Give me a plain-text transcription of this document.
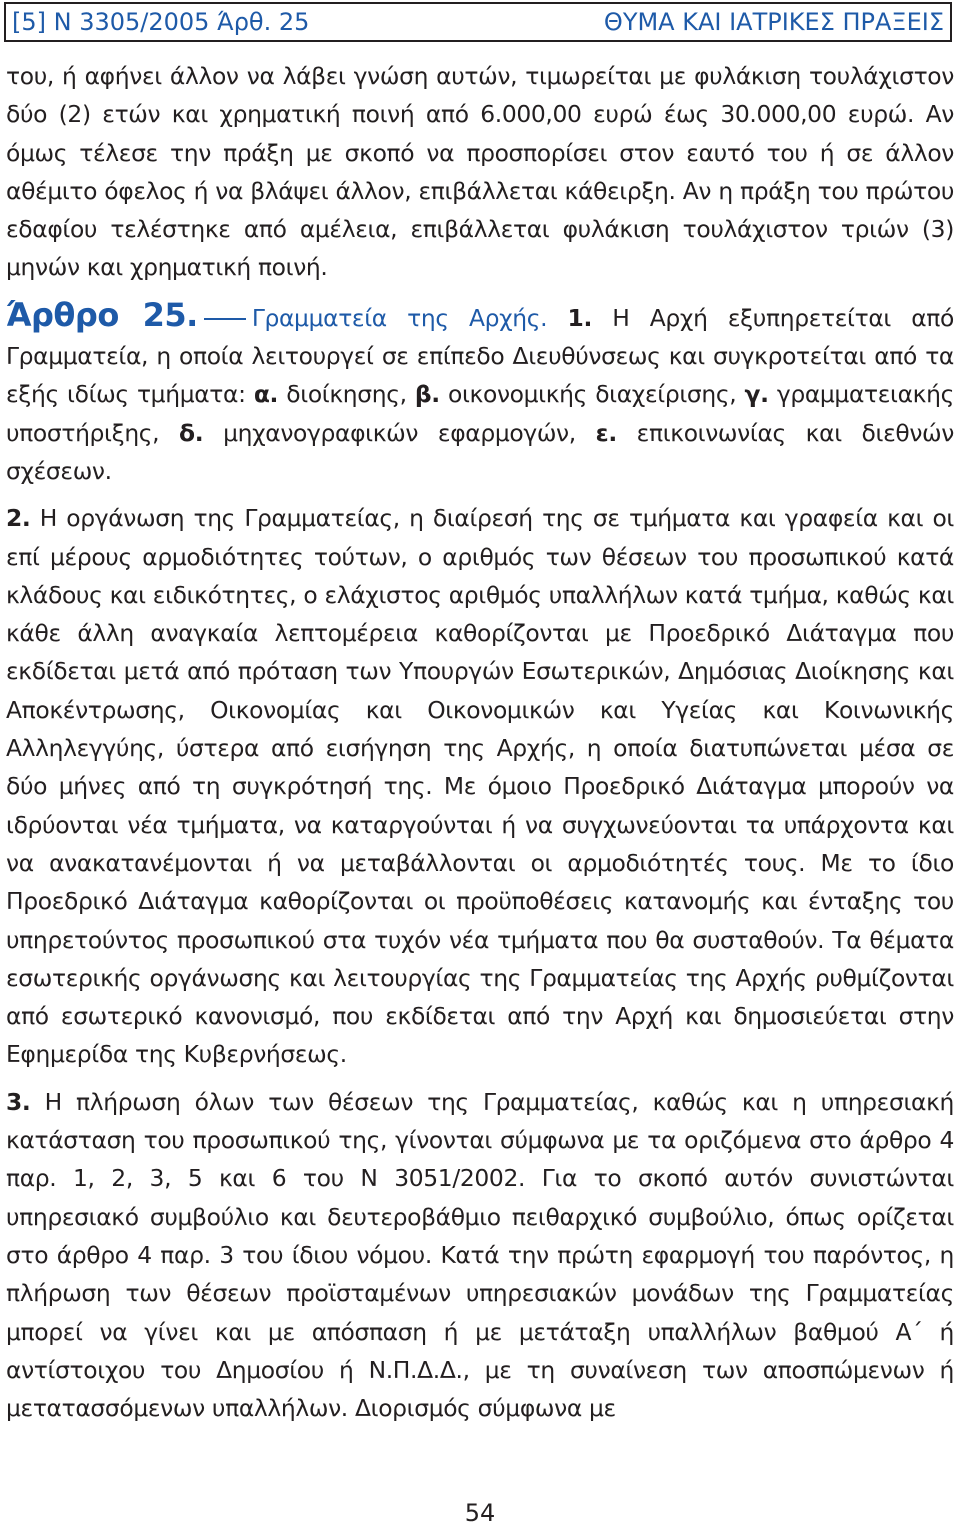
[5] Ν 3305/2005 Άρθ. 25	ΘΥΜΑ ΚΑΙ ΙΑΤΡΙΚΕΣ ΠΡΑΞΕΙΣ

του, ή αφήνει άλλον να λάβει γνώση αυτών, τιμωρείται με φυλάκιση τουλάχιστον δύο (2) ετών και χρηματική ποινή από 6.000,00 ευρώ έως 30.000,00 ευρώ. Αν όμως τέλεσε την πράξη με σκοπό να προσπορίσει στον εαυτό του ή σε άλλον αθέμιτο όφελος ή να βλάψει άλλον, επιβάλλεται κάθειρξη. Αν η πράξη του πρώτου εδαφίου τελέστηκε από αμέλεια, επιβάλλεται φυλάκιση τουλάχιστον τριών (3) μηνών και χρηματική ποινή.

Άρθρο 25. Γραμματεία της Αρχής. 1. Η Αρχή εξυπηρετείται από Γραμματεία, η οποία λειτουργεί σε επίπεδο Διευθύνσεως και συγκροτείται από τα εξής ιδίως τμήματα: α. διοίκησης, β. οικονομικής διαχείρισης, γ. γραμματειακής υποστήριξης, δ. μηχανογραφικών εφαρμογών, ε. επικοινωνίας και διεθνών σχέσεων.

2. Η οργάνωση της Γραμματείας, η διαίρεσή της σε τμήματα και γραφεία και οι επί μέρους αρμοδιότητες τούτων, ο αριθμός των θέσεων του προσωπικού κατά κλάδους και ειδικότητες, ο ελάχιστος αριθμός υπαλλήλων κατά τμήμα, καθώς και κάθε άλλη αναγκαία λεπτομέρεια καθορίζονται με Προεδρικό Διάταγμα που εκδίδεται μετά από πρόταση των Υπουργών Εσωτερικών, Δημόσιας Διοίκησης και Αποκέντρωσης, Οικονομίας και Οικονομικών και Υγείας και Κοινωνικής Αλληλεγγύης, ύστερα από εισήγηση της Αρχής, η οποία διατυπώνεται μέσα σε δύο μήνες από τη συγκρότησή της. Με όμοιο Προεδρικό Διάταγμα μπορούν να ιδρύονται νέα τμήματα, να καταργούνται ή να συγχωνεύονται τα υπάρχοντα και να ανακατανέμονται ή να μεταβάλλονται οι αρμοδιότητές τους. Με το ίδιο Προεδρικό Διάταγμα καθορίζονται οι προϋποθέσεις κατανομής και ένταξης του υπηρετούντος προσωπικού στα τυχόν νέα τμήματα που θα συσταθούν. Τα θέματα εσωτερικής οργάνωσης και λειτουργίας της Γραμματείας της Αρχής ρυθμίζονται από εσωτερικό κανονισμό, που εκδίδεται από την Αρχή και δημοσιεύεται στην Εφημερίδα της Κυβερνήσεως.

3. Η πλήρωση όλων των θέσεων της Γραμματείας, καθώς και η υπηρεσιακή κατάσταση του προσωπικού της, γίνονται σύμφωνα με τα οριζόμενα στο άρθρο 4 παρ. 1, 2, 3, 5 και 6 του Ν 3051/2002. Για το σκοπό αυτόν συνιστώνται υπηρεσιακό συμβούλιο και δευτεροβάθμιο πειθαρχικό συμβούλιο, όπως ορίζεται στο άρθρο 4 παρ. 3 του ίδιου νόμου. Κατά την πρώτη εφαρμογή του παρόντος, η πλήρωση των θέσεων προϊσταμένων υπηρεσιακών μονάδων της Γραμματείας μπορεί να γίνει και με απόσπαση ή με μετάταξη υπαλλήλων βαθμού Α΄ ή αντίστοιχου του Δημοσίου ή Ν.Π.Δ.Δ., με τη συναίνεση των αποσπώμενων ή μετατασσόμενων υπαλλήλων. Διορισμός σύμφωνα με

54
